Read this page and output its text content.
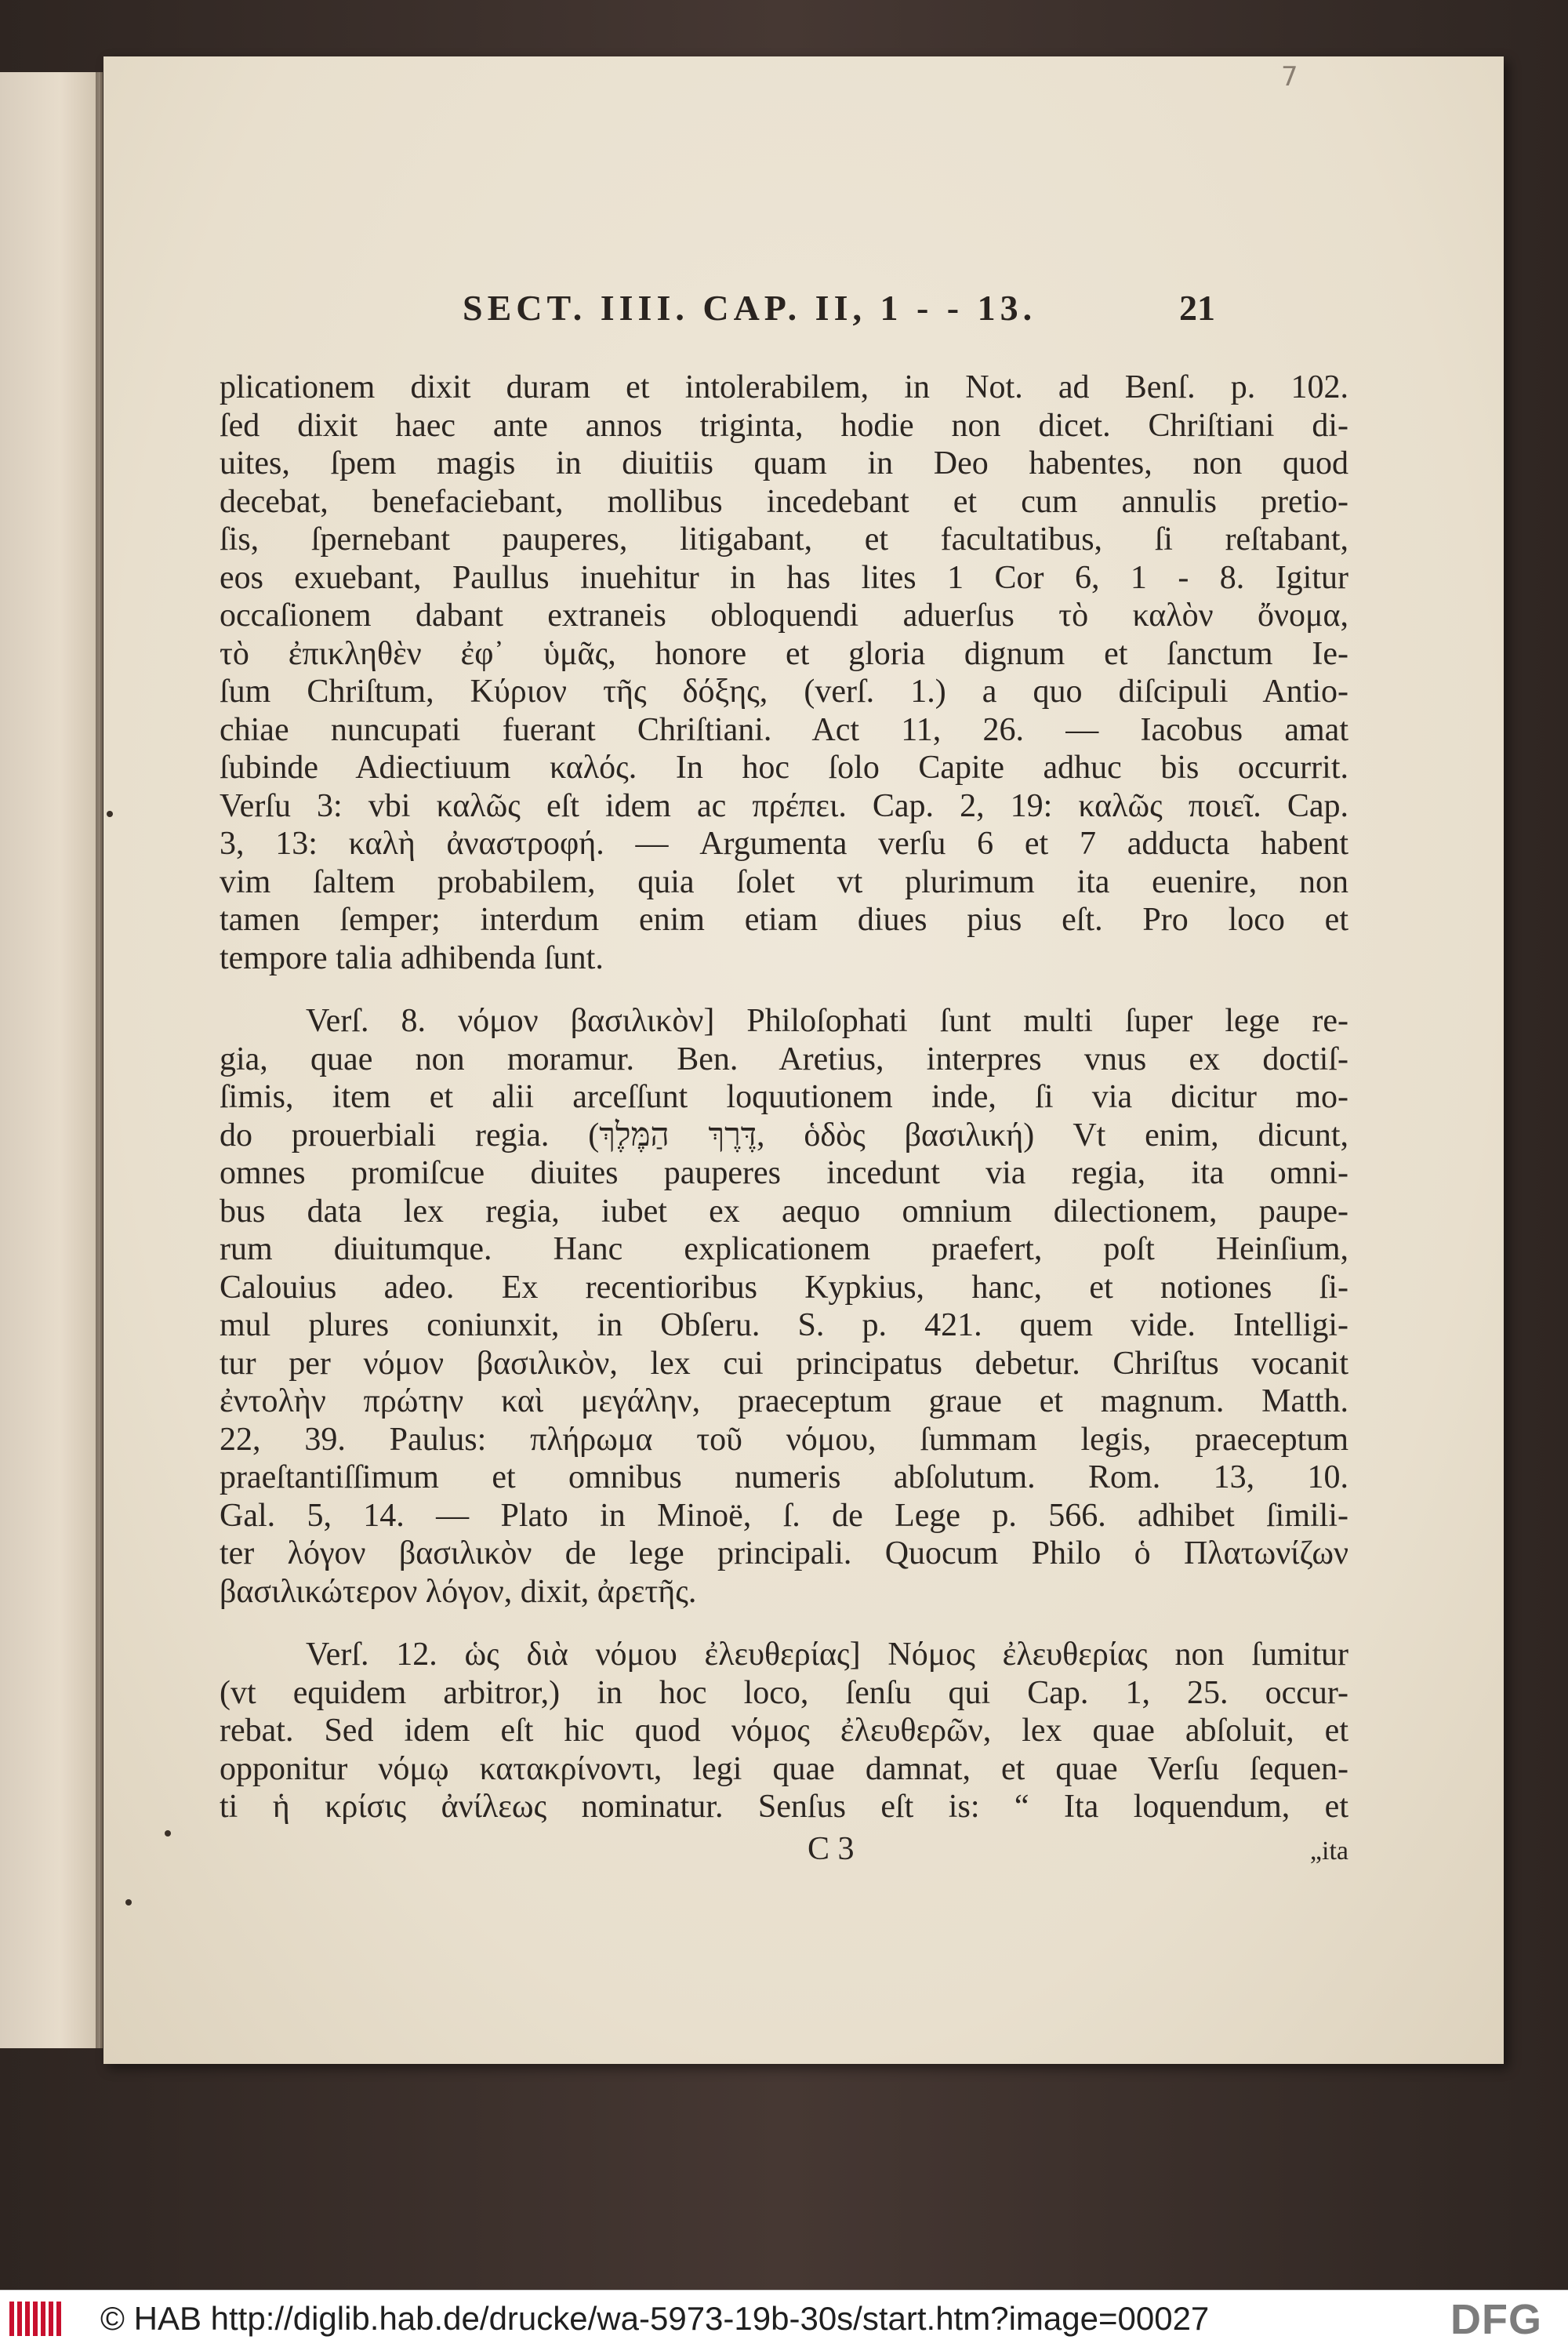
7
SECT. IIII. CAP. II, 1 - - 13.	21

plicationem dixit duram et intolerabilem, in Not. ad Benſ. p. 102.
ſed dixit haec ante annos triginta, hodie non dicet. Chriſtiani di-
uites, ſpem magis in diuitiis quam in Deo habentes, non quod
decebat, benefaciebant, mollibus incedebant et cum annulis pretio-
ſis, ſpernebant pauperes, litigabant, et facultatibus, ſi reſtabant,
eos exuebant, Paullus inuehitur in has lites 1 Cor 6, 1 - 8. Igitur
occaſionem dabant extraneis obloquendi aduerſus τὸ καλὸν ὄνομα,
τὸ ἐπικληθὲν ἐφ᾽ ὑμᾶς, honore et gloria dignum et ſanctum Ie-
ſum Chriſtum, Κύριον τῆς δόξης, (verſ. 1.) a quo diſcipuli Antio-
chiae nuncupati fuerant Chriſtiani. Act 11, 26. — Iacobus amat
ſubinde Adiectiuum καλός. In hoc ſolo Capite adhuc bis occurrit.
Verſu 3: vbi καλῶς eſt idem ac πρέπει. Cap. 2, 19: καλῶς ποιεῖ. Cap.
3, 13: καλὴ ἀναστροφή. — Argumenta verſu 6 et 7 adducta habent
vim ſaltem probabilem, quia ſolet vt plurimum ita euenire, non
tamen ſemper; interdum enim etiam diues pius eſt. Pro loco et
tempore talia adhibenda ſunt.

Verſ. 8. νόμον βασιλικὸν] Philoſophati ſunt multi ſuper lege re-
gia, quae non moramur. Ben. Aretius, interpres vnus ex doctiſ-
ſimis, item et alii arceſſunt loquutionem inde, ſi via dicitur mo-
do prouerbiali regia. (דֶּרֶךְ הַמֶּלֶךְ, ὁδὸς βασιλική) Vt enim, dicunt,
omnes promiſcue diuites pauperes incedunt via regia, ita omni-
bus data lex regia, iubet ex aequo omnium dilectionem, paupe-
rum diuitumque. Hanc explicationem praefert, poſt Heinſium,
Calouius adeo. Ex recentioribus Kypkius, hanc, et notiones ſi-
mul plures coniunxit, in Obſeru. S. p. 421. quem vide. Intelligi-
tur per νόμον βασιλικὸν, lex cui principatus debetur. Chriſtus vocanit
ἐντολὴν πρώτην καὶ μεγάλην, praeceptum graue et magnum. Matth.
22, 39. Paulus: πλήρωμα τοῦ νόμου, ſummam legis, praeceptum
praeſtantiſſimum et omnibus numeris abſolutum. Rom. 13, 10.
Gal. 5, 14. — Plato in Minoë, ſ. de Lege p. 566. adhibet ſimili-
ter λόγον βασιλικὸν de lege principali. Quocum Philo ὁ Πλατωνίζων
βασιλικώτερον λόγον, dixit, ἀρετῆς.

Verſ. 12. ὡς διὰ νόμου ἐλευθερίας] Νόμος ἐλευθερίας non ſumitur
(vt equidem arbitror,) in hoc loco, ſenſu qui Cap. 1, 25. occur-
rebat. Sed idem eſt hic quod νόμος ἐλευθερῶν, lex quae abſoluit, et
opponitur νόμῳ κατακρίνοντι, legi quae damnat, et quae Verſu ſequen-
ti ἡ κρίσις ἀνίλεως nominatur. Senſus eſt is: “ Ita loquendum, et

C 3	„ita
© HAB http://diglib.hab.de/drucke/wa-5973-19b-30s/start.htm?image=00027	DFG
